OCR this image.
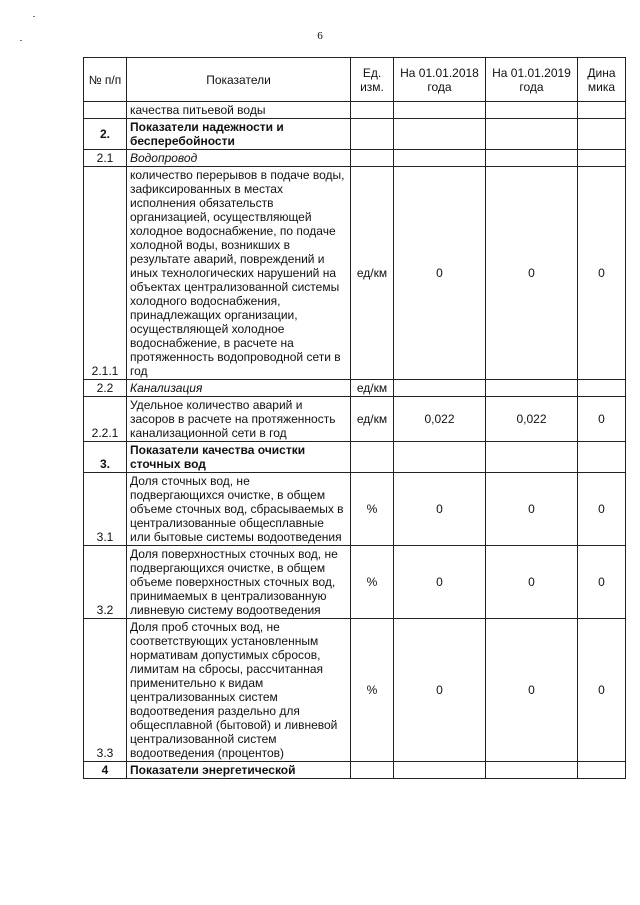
6
№ п/п	Показатели	Ед. изм.	На 01.01.2018 года	На 01.01.2019 года	Дина мика
	качества питьевой воды				
2.	Показатели надежности и бесперебойности				
2.1	Водопровод				
2.1.1	количество перерывов в подаче воды, зафиксированных в местах исполнения обязательств организацией, осуществляющей холодное водоснабжение, по подаче холодной воды, возникших в результате аварий, повреждений и иных технологических нарушений на объектах централизованной системы холодного водоснабжения, принадлежащих организации, осуществляющей холодное водоснабжение, в расчете на протяженность водопроводной сети в год	ед/км	0	0	0
2.2	Канализация	ед/км			
2.2.1	Удельное количество аварий и засоров в расчете на протяженность канализационной сети в год	ед/км	0,022	0,022	0
3.	Показатели качества очистки сточных вод				
3.1	Доля сточных вод, не подвергающихся очистке, в общем объеме сточных вод, сбрасываемых в централизованные общесплавные или бытовые системы водоотведения	%	0	0	0
3.2	Доля поверхностных сточных вод, не подвергающихся очистке, в общем объеме поверхностных сточных вод, принимаемых в централизованную ливневую систему водоотведения	%	0	0	0
3.3	Доля проб сточных вод, не соответствующих установленным нормативам допустимых сбросов, лимитам на сбросы, рассчитанная применительно к видам централизованных систем водоотведения раздельно для общесплавной (бытовой) и ливневой централизованной систем водоотведения (процентов)	%	0	0	0
4	Показатели энергетической				
